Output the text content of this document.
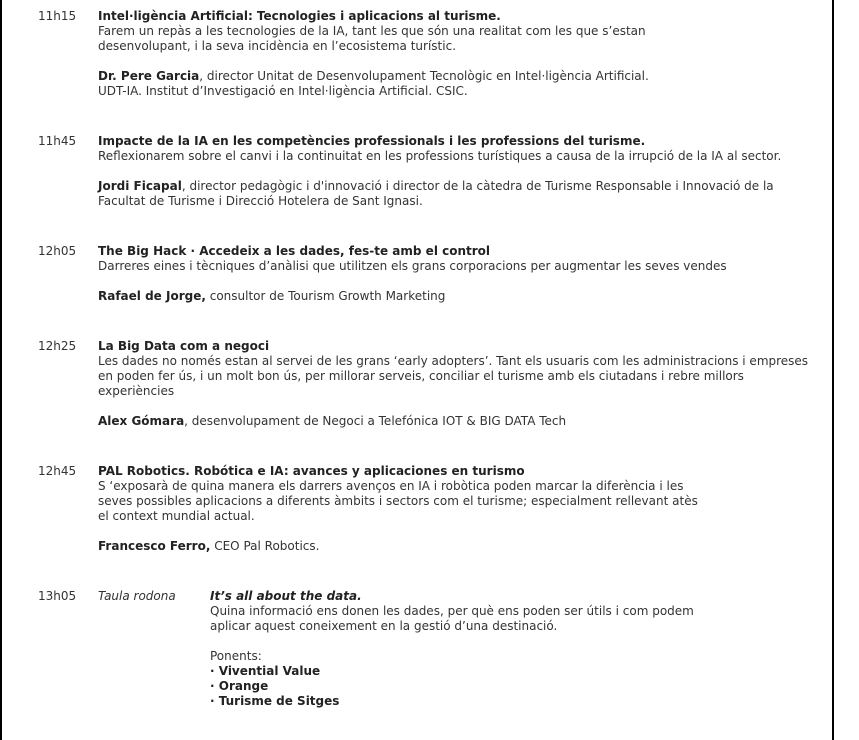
11h15	Intel·ligència Artificial: Tecnologies i aplicacions al turisme.
Farem un repàs a les tecnologies de la IA, tant les que són una realitat com les que s’estan
desenvolupant, i la seva incidència en l’ecosistema turístic.
Dr. Pere Garcia, director Unitat de Desenvolupament Tecnològic en Intel·ligència Artificial.
UDT-IA. Institut d’Investigació en Intel·ligència Artificial. CSIC.
11h45	Impacte de la IA en les competències professionals i les professions del turisme.
Reflexionarem sobre el canvi i la continuitat en les professions turístiques a causa de la irrupció de la IA al sector.
Jordi Ficapal, director pedagògic i d'innovació i director de la càtedra de Turisme Responsable i Innovació de la
Facultat de Turisme i Direcció Hotelera de Sant Ignasi.
12h05	The Big Hack · Accedeix a les dades, fes-te amb el control
Darreres eines i tècniques d’anàlisi que utilitzen els grans corporacions per augmentar les seves vendes
Rafael de Jorge, consultor de Tourism Growth Marketing
12h25	La Big Data com a negoci
Les dades no només estan al servei de les grans ‘early adopters’. Tant els usuaris com les administracions i empreses
en poden fer ús, i un molt bon ús, per millorar serveis, conciliar el turisme amb els ciutadans i rebre millors
experiències
Alex Gómara, desenvolupament de Negoci a Telefónica IOT & BIG DATA Tech
12h45	PAL Robotics. Robótica e IA: avances y aplicaciones en turismo
S ‘exposarà de quina manera els darrers avenços en IA i robòtica poden marcar la diferència i les
seves possibles aplicacions a diferents àmbits i sectors com el turisme; especialment rellevant atès
el context mundial actual.
Francesco Ferro, CEO Pal Robotics.
13h05	Taula rodona	It’s all about the data.
Quina informació ens donen les dades, per què ens poden ser útils i com podem
aplicar aquest coneixement en la gestió d’una destinació.
Ponents:
· Vivential Value
· Orange
· Turisme de Sitges
